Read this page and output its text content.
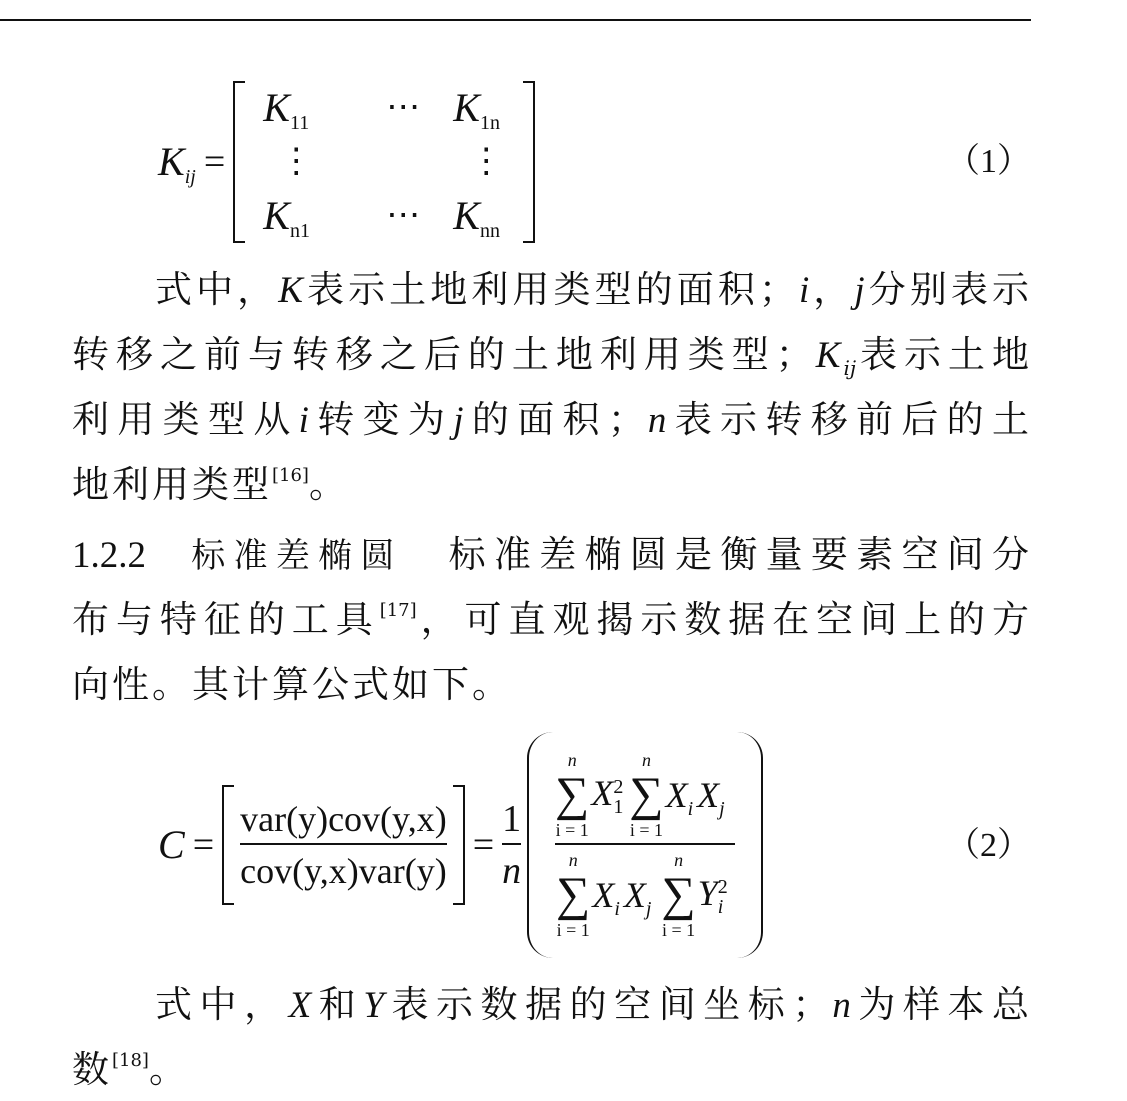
$K_{ij}$ =
$K_{11}$ ⋯ $K_{1n}$
⋮	⋮
$K_{n1}$ ⋯ $K_{nn}$
（1）
式中，K表示土地利用类型的面积；i，j分别表示
转移之前与转移之后的土地利用类型；$K_{ij}$表示土地
利用类型从i转变为j的面积；n表示转移前后的土
地利用类型[16]。
1.2.2 标准差椭圆 标准差椭圆是衡量要素空间分
布与特征的工具[17]，可直观揭示数据在空间上的方
向性。其计算公式如下。
C =
var(y)cov(y,x)
cov(y,x)var(y)
=
1
n
n
∑
i = 1
X 2
1
n
∑
i = 1
$X_i$ $X_j$
n
∑
i = 1
$X_i$ $X_j$
n
∑
i = 1
Y 2
i
（2）
式中，X和Y表示数据的空间坐标；n为样本总
数[18]。
